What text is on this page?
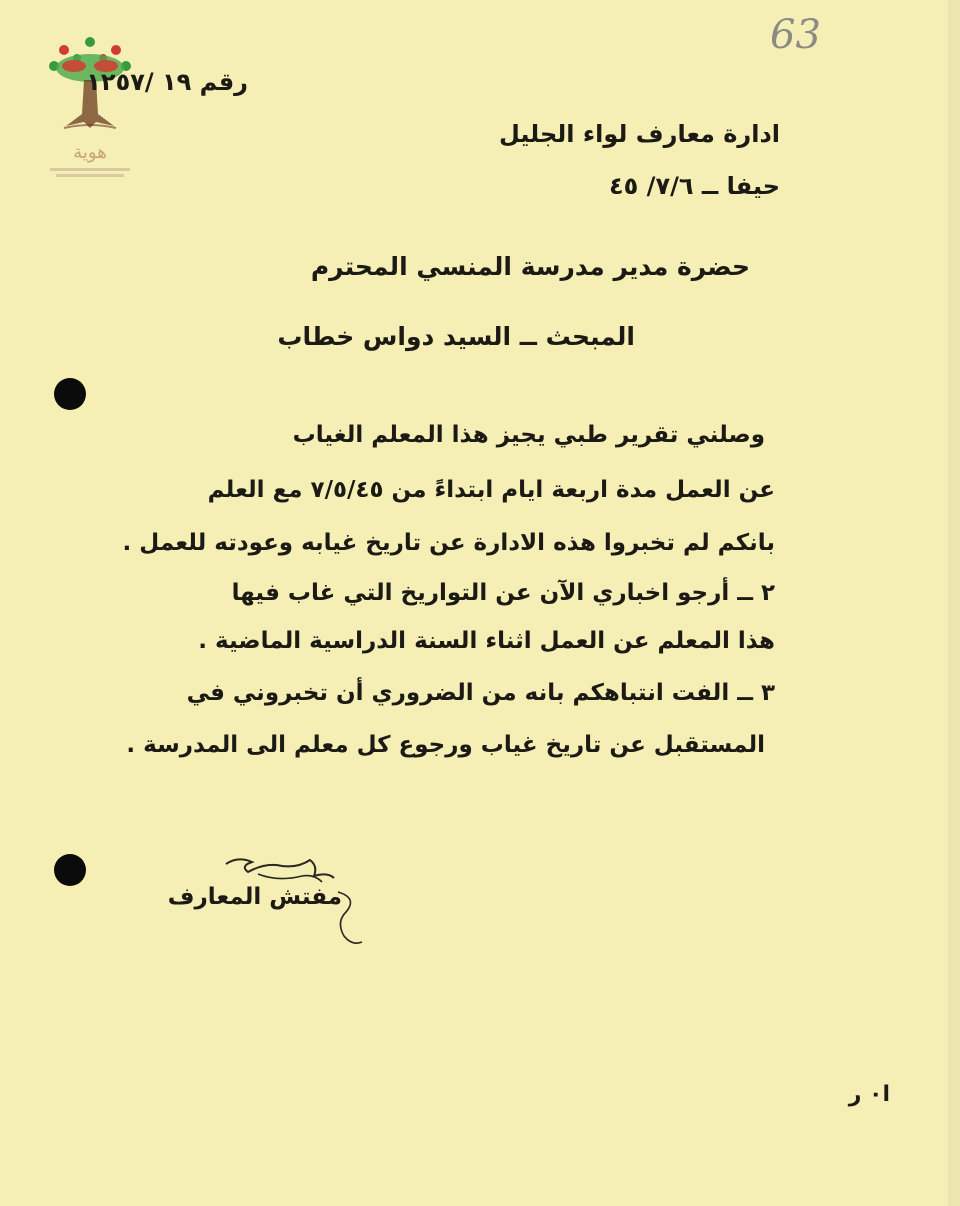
63
هوية
رقم ١٩ /١٢٥٧
ادارة معارف لواء الجليل
حيفا ــ ٧/٦/ ٤٥
حضرة مدير مدرسة المنسي المحترم
المبحث ــ السيد دواس خطاب
وصلني تقرير طبي يجيز هذا المعلم الغياب
عن العمل مدة اربعة ايام ابتداءً من ٧/٥/٤٥ مع العلم
بانكم لم تخبروا هذه الادارة عن تاريخ غيابه وعودته للعمل .
٢ ــ أرجو اخباري الآن عن التواريخ التي غاب فيها
هذا المعلم عن العمل اثناء السنة الدراسية الماضية .
٣ ــ الفت انتباهكم بانه من الضروري أن تخبروني في
المستقبل عن تاريخ غياب ورجوع كل معلم الى المدرسة .
مفتش المعارف
ا٠ ر
